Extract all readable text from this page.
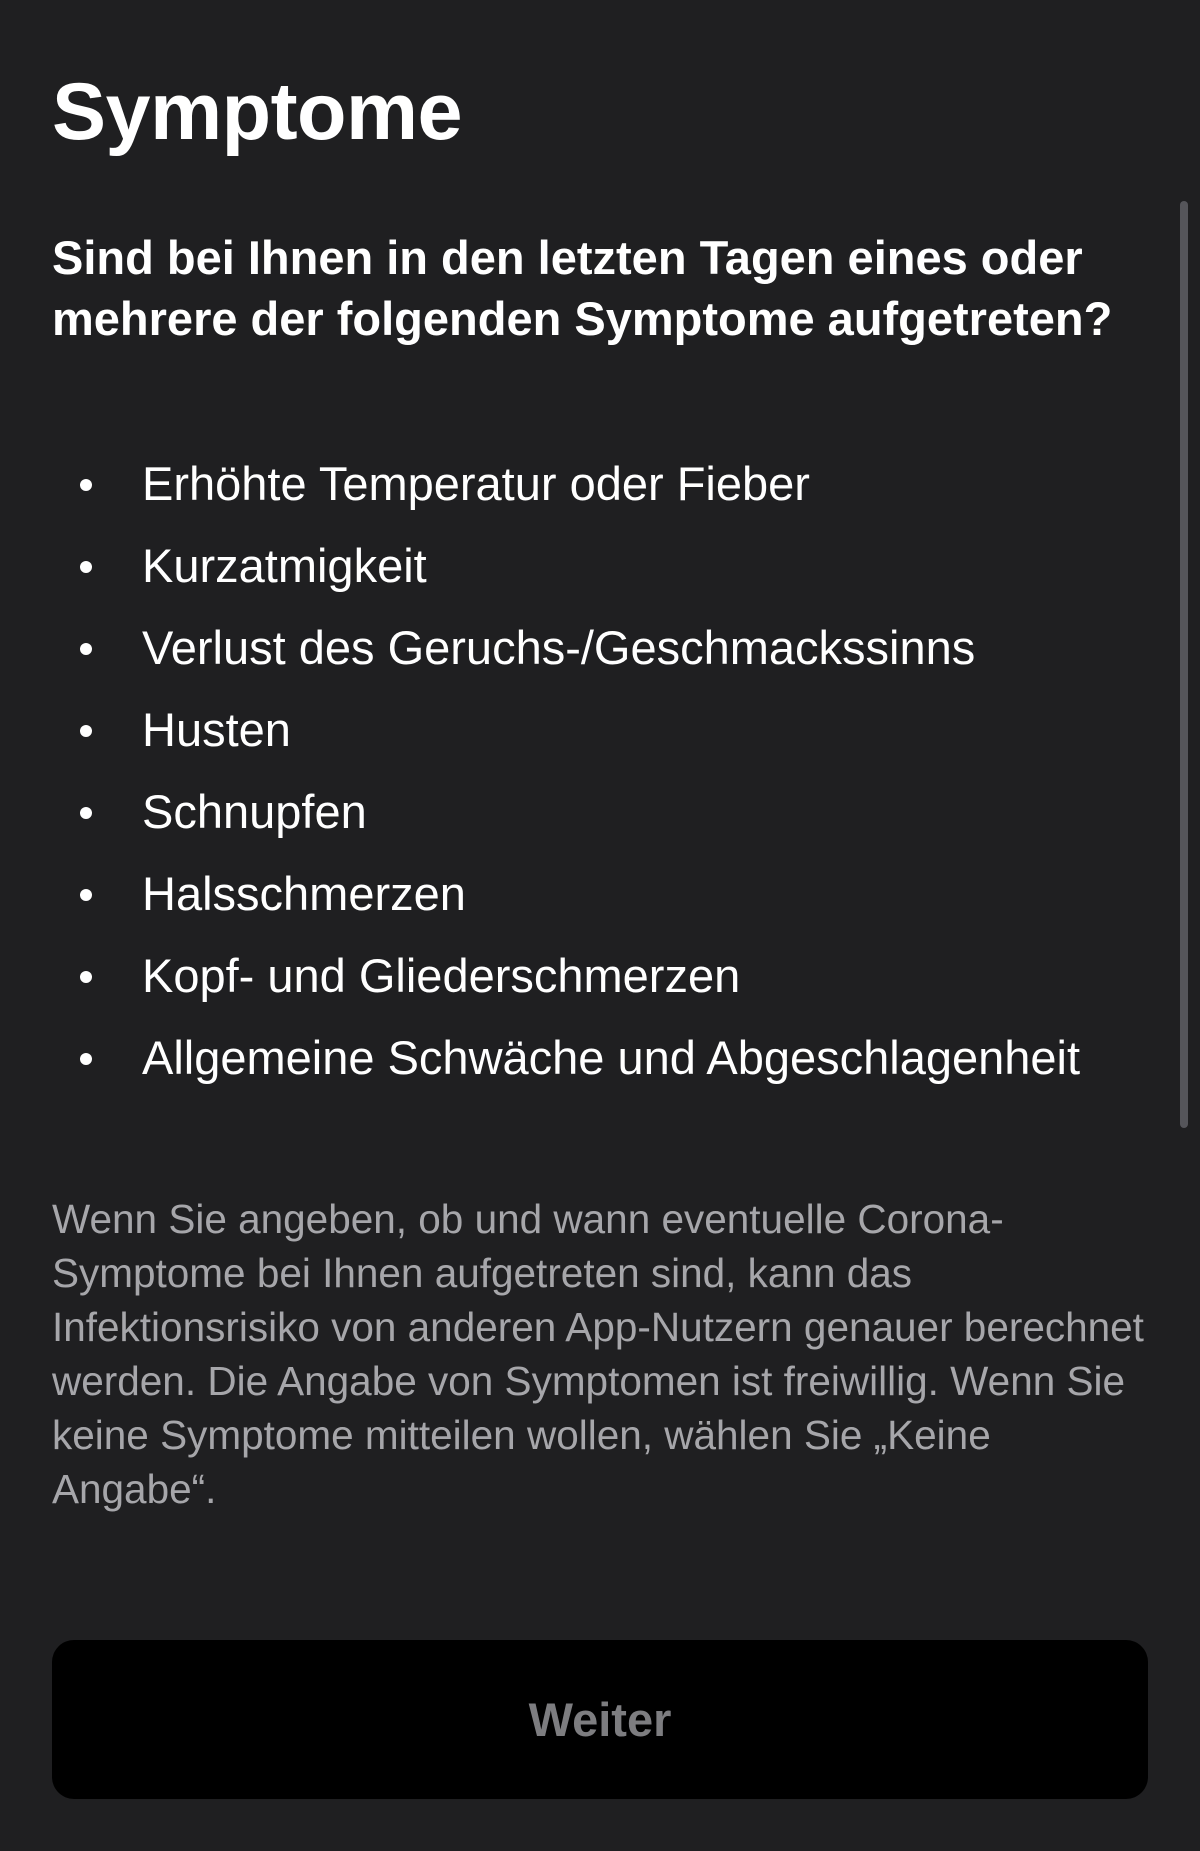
Symptome

Sind bei Ihnen in den letzten Tagen eines oder mehrere der folgenden Symptome aufgetreten?

Erhöhte Temperatur oder Fieber
Kurzatmigkeit
Verlust des Geruchs-/Geschmackssinns
Husten
Schnupfen
Halsschmerzen
Kopf- und Gliederschmerzen
Allgemeine Schwäche und Abgeschlagenheit

Wenn Sie angeben, ob und wann eventuelle Corona-Symptome bei Ihnen aufgetreten sind, kann das Infektionsrisiko von anderen App-Nutzern genauer berechnet werden. Die Angabe von Symptomen ist freiwillig. Wenn Sie keine Symptome mitteilen wollen, wählen Sie „Keine Angabe“.

Weiter
